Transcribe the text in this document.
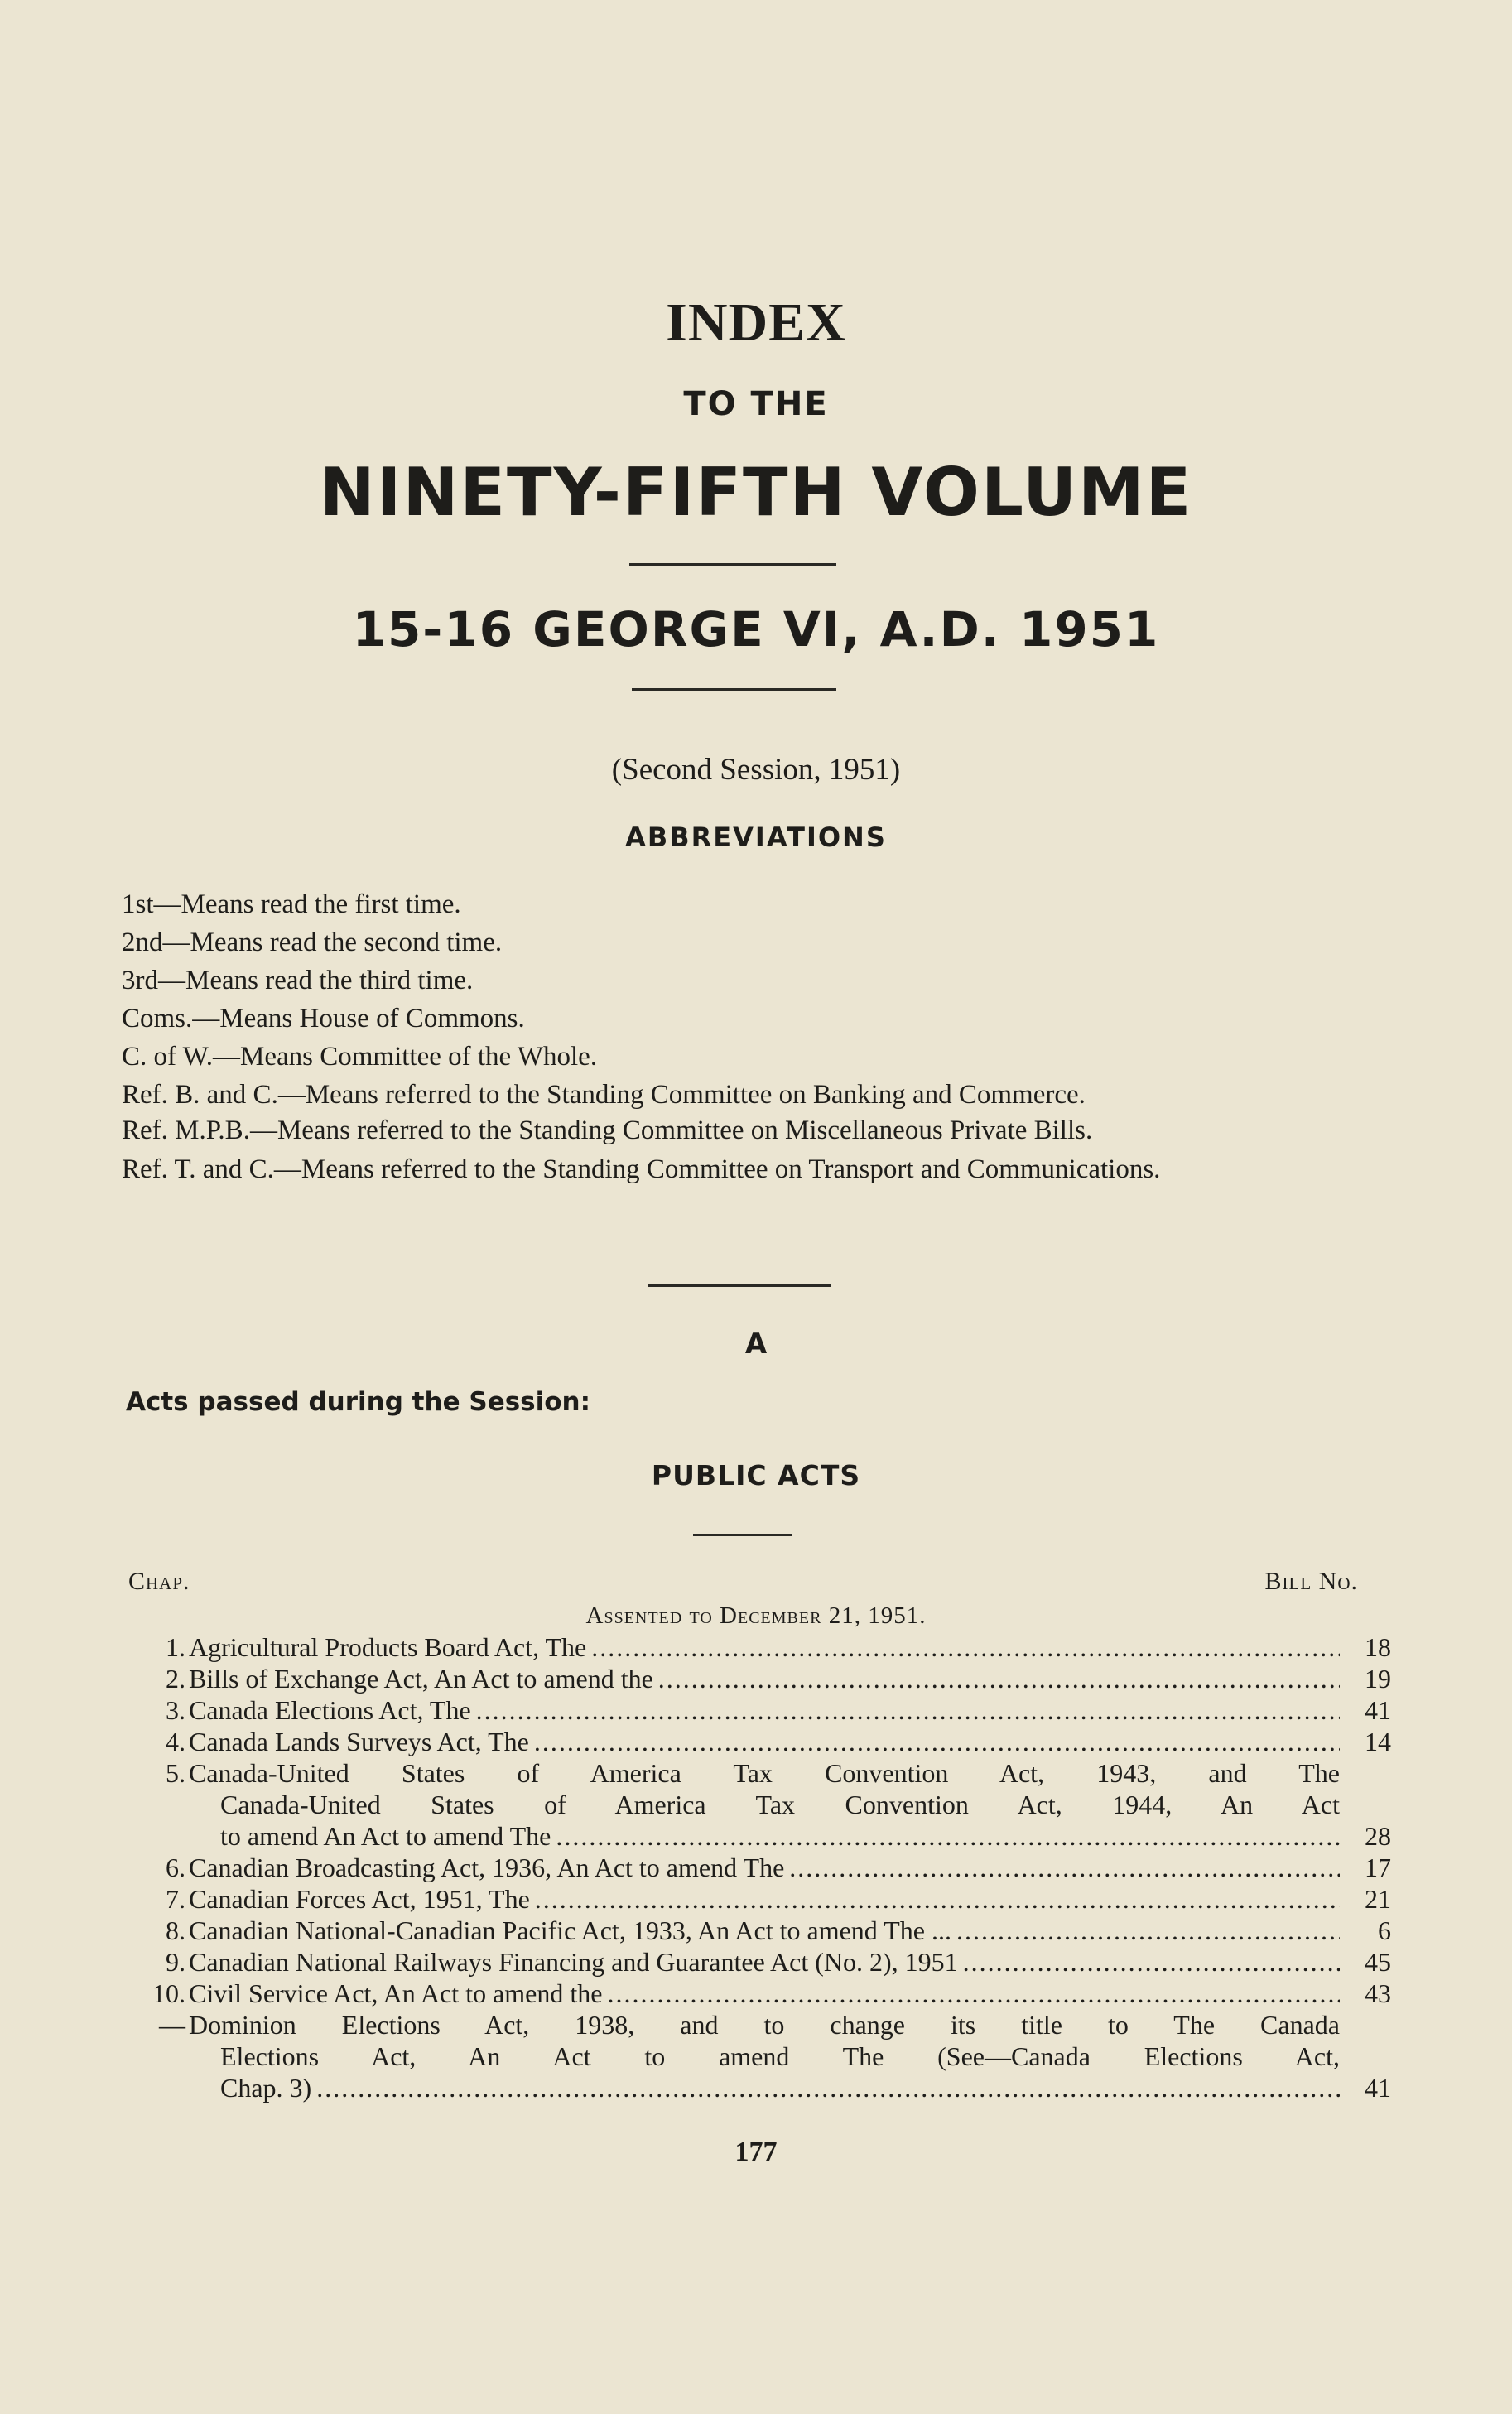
INDEX
TO THE
NINETY-FIFTH VOLUME
15-16 GEORGE VI, A.D. 1951
(Second Session, 1951)
ABBREVIATIONS
1st—Means read the first time.
2nd—Means read the second time.
3rd—Means read the third time.
Coms.—Means House of Commons.
C. of W.—Means Committee of the Whole.
Ref. B. and C.—Means referred to the Standing Committee on Banking and Commerce.
Ref. M.P.B.—Means referred to the Standing Committee on Miscellaneous Private Bills.
Ref. T. and C.—Means referred to the Standing Committee on Transport and Communications.
A
Acts passed during the Session:
PUBLIC ACTS
Chap.	Bill No.
Assented to December 21, 1951.
1. Agricultural Products Board Act, The .....	18
2. Bills of Exchange Act, An Act to amend the .....	19
3. Canada Elections Act, The .....	41
4. Canada Lands Surveys Act, The .....	14
5. Canada-United States of America Tax Convention Act, 1943, and The
Canada-United States of America Tax Convention Act, 1944, An Act
to amend An Act to amend The .....	28
6. Canadian Broadcasting Act, 1936, An Act to amend The .....	17
7. Canadian Forces Act, 1951, The .....	21
8. Canadian National-Canadian Pacific Act, 1933, An Act to amend The ... .....	6
9. Canadian National Railways Financing and Guarantee Act (No. 2), 1951 .....	45
10. Civil Service Act, An Act to amend the .....	43
— Dominion Elections Act, 1938, and to change its title to The Canada
Elections Act, An Act to amend The (See—Canada Elections Act,
Chap. 3) .....	41
177
